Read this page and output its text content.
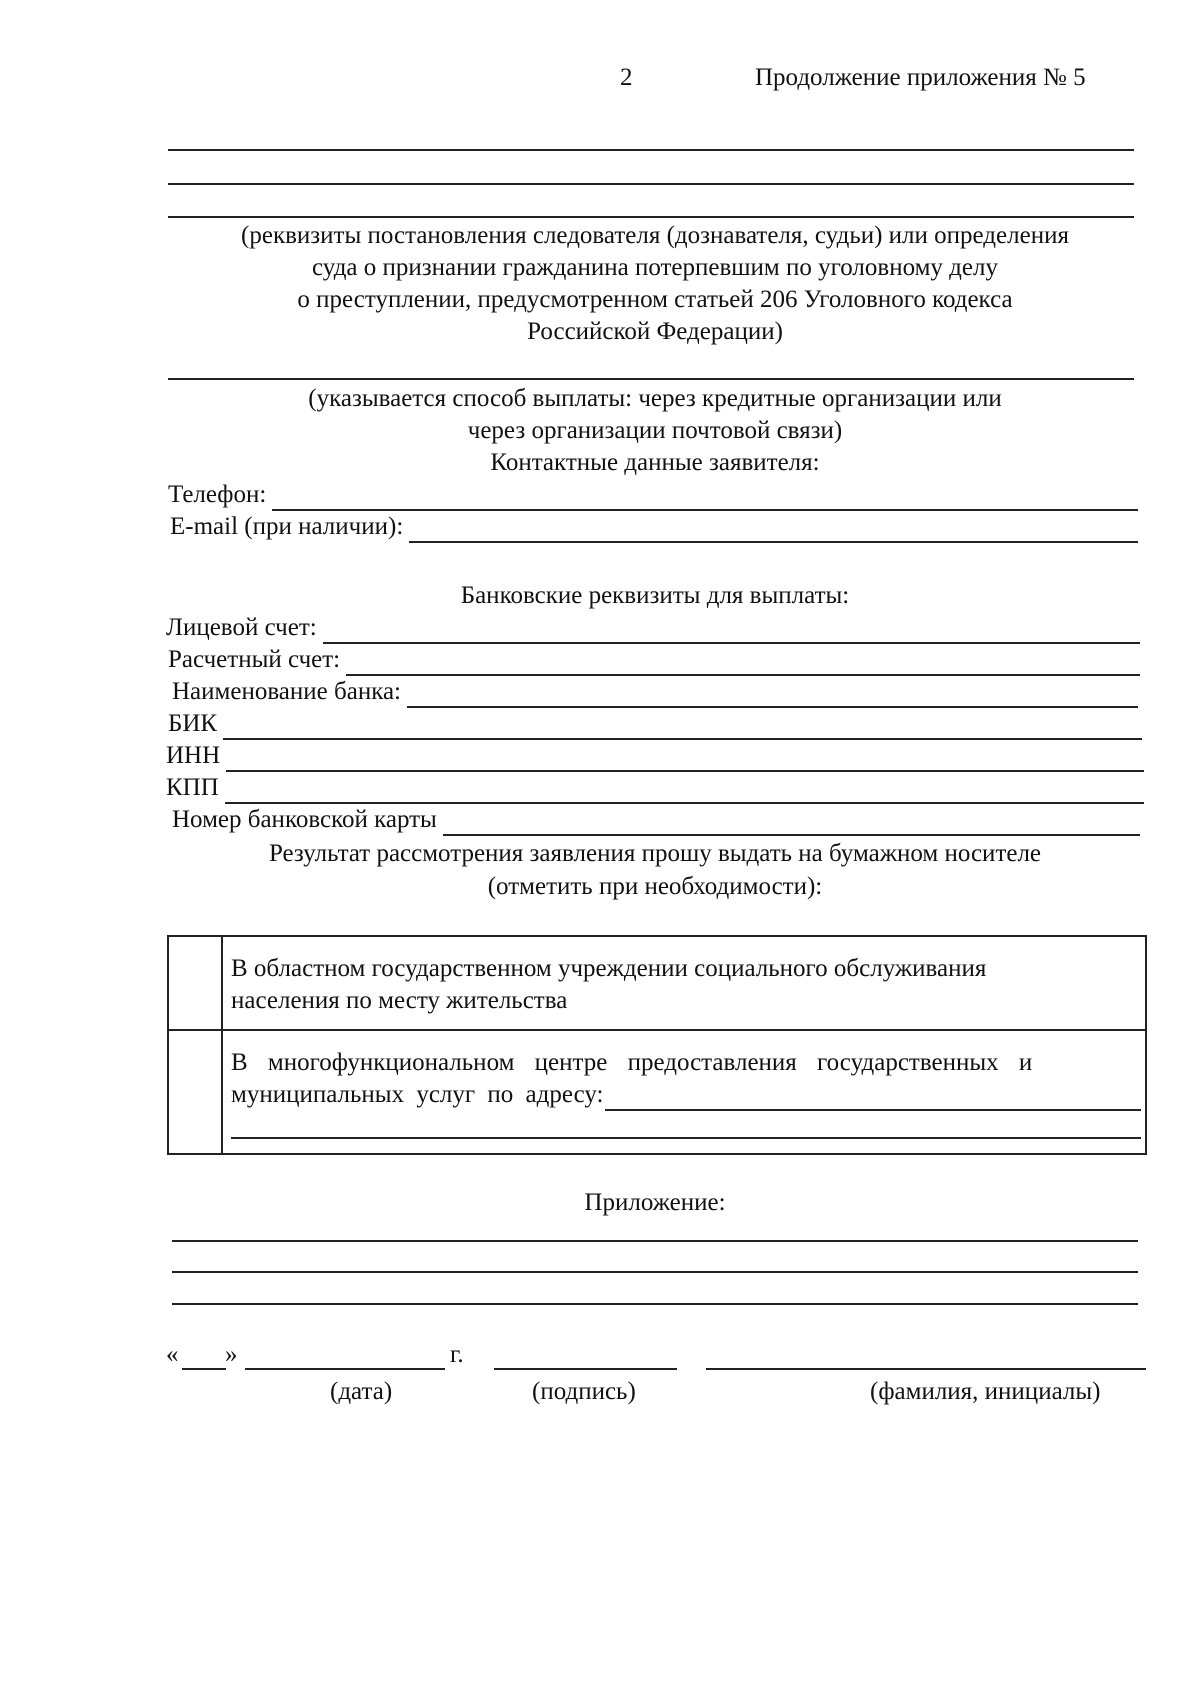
2	Продолжение приложения № 5
(реквизиты постановления следователя (дознавателя, судьи) или определения
суда о признании гражданина потерпевшим по уголовному делу
о преступлении, предусмотренном статьей 206 Уголовного кодекса
Российской Федерации)
(указывается способ выплаты: через кредитные организации или
через организации почтовой связи)
Контактные данные заявителя:
Телефон:
E-mail (при наличии):
Банковские реквизиты для выплаты:
Лицевой счет:
Расчетный счет:
Наименование банка:
БИК
ИНН
КПП
Номер банковской карты
Результат рассмотрения заявления прошу выдать на бумажном носителе
(отметить при необходимости):

	В областном государственном учреждении социального обслуживания
населения по месту жительства

	В многофункциональном центре предоставления государственных и
муниципальных услуг по адресу:
Приложение:
« »	г.
(дата)	(подпись)	(фамилия, инициалы)
